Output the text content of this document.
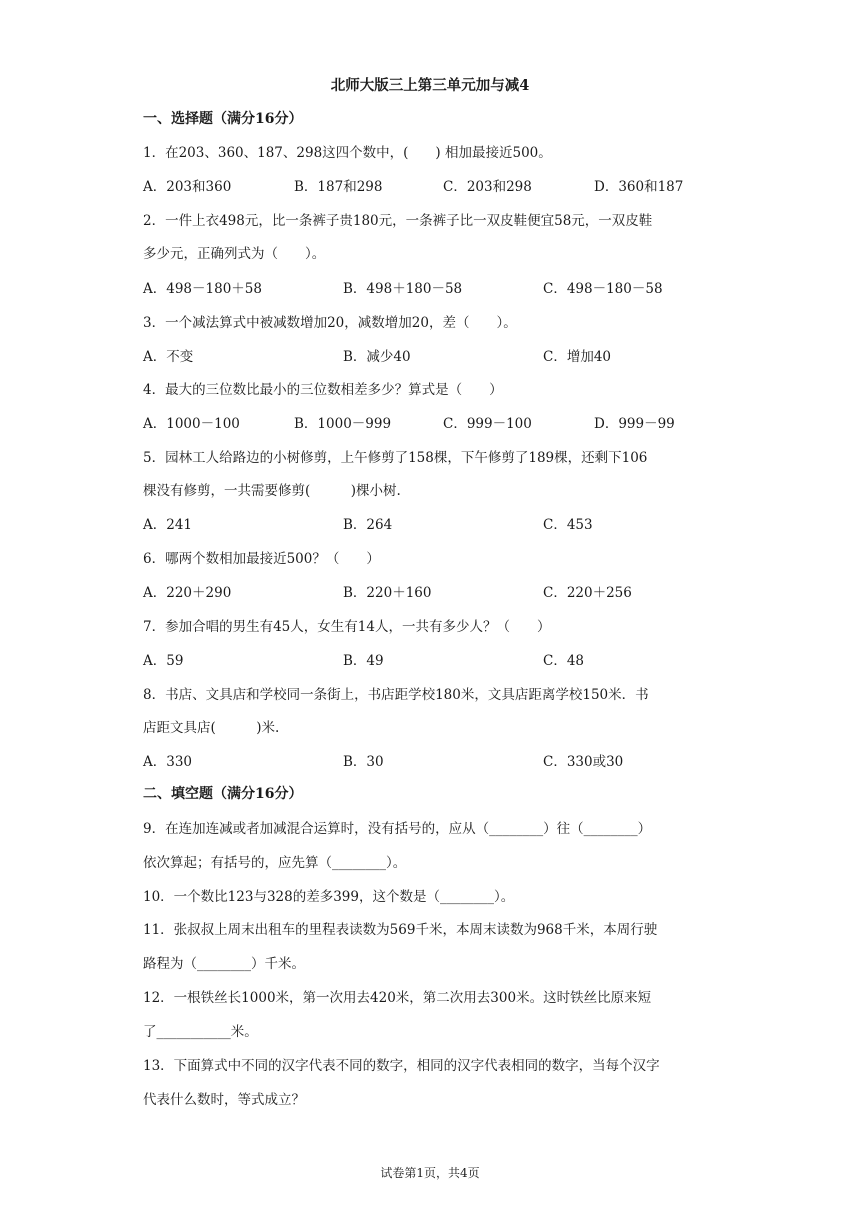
北师大版三上第三单元加与减4
一、选择题（满分16分）
1．在203、360、187、298这四个数中，(　　) 相加最接近500。
A．203和360	B．187和298	C．203和298	D．360和187
2．一件上衣498元，比一条裤子贵180元，一条裤子比一双皮鞋便宜58元，一双皮鞋
多少元，正确列式为（　　）。
A．498－180＋58	B．498＋180－58	C．498－180－58
3．一个减法算式中被减数增加20，减数增加20，差（　　）。
A．不变	B．减少40	C．增加40
4．最大的三位数比最小的三位数相差多少？算式是（　　）
A．1000－100	B．1000－999	C．999－100	D．999－99
5．园林工人给路边的小树修剪，上午修剪了158棵，下午修剪了189棵，还剩下106
棵没有修剪，一共需要修剪(　　　)棵小树.
A．241	B．264	C．453
6．哪两个数相加最接近500？（　　）
A．220＋290	B．220＋160	C．220＋256
7．参加合唱的男生有45人，女生有14人，一共有多少人？（　　）
A．59	B．49	C．48
8．书店、文具店和学校同一条街上，书店距学校180米，文具店距离学校150米．书
店距文具店(　　　)米.
A．330	B．30	C．330或30
二、填空题（满分16分）
9．在连加连减或者加减混合运算时，没有括号的，应从（________）往（________）
依次算起；有括号的，应先算（________）。
10．一个数比123与328的差多399，这个数是（________）。
11．张叔叔上周末出租车的里程表读数为569千米，本周末读数为968千米，本周行驶
路程为（________）千米。
12．一根铁丝长1000米，第一次用去420米，第二次用去300米。这时铁丝比原来短
了___________米。
13．下面算式中不同的汉字代表不同的数字，相同的汉字代表相同的数字，当每个汉字
代表什么数时，等式成立？
试卷第1页，共4页
